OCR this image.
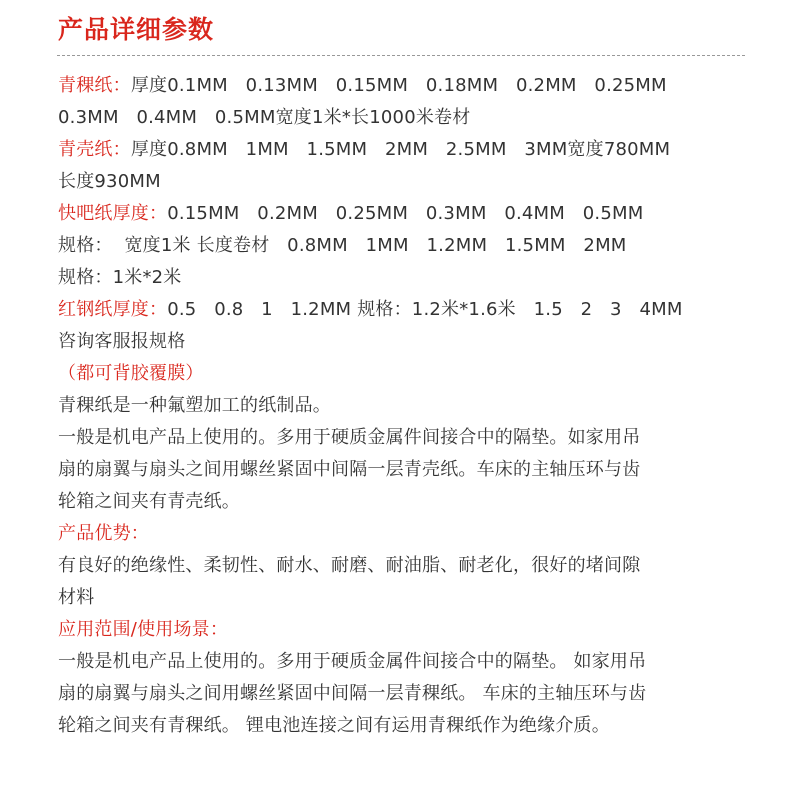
产品详细参数
青稞纸：厚度0.1MM   0.13MM   0.15MM   0.18MM   0.2MM   0.25MM
0.3MM   0.4MM   0.5MM宽度1米*长1000米卷材
青壳纸：厚度0.8MM   1MM   1.5MM   2MM   2.5MM   3MM宽度780MM
长度930MM
快吧纸厚度：0.15MM   0.2MM   0.25MM   0.3MM   0.4MM   0.5MM
规格：  宽度1米 长度卷材   0.8MM   1MM   1.2MM   1.5MM   2MM
规格：1米*2米
红钢纸厚度：0.5   0.8   1   1.2MM 规格：1.2米*1.6米   1.5   2   3   4MM
咨询客服报规格
（都可背胶覆膜）
青稞纸是一种氟塑加工的纸制品。
一般是机电产品上使用的。多用于硬质金属件间接合中的隔垫。如家用吊
扇的扇翼与扇头之间用螺丝紧固中间隔一层青壳纸。车床的主轴压环与齿
轮箱之间夹有青壳纸。
产品优势：
有良好的绝缘性、柔韧性、耐水、耐磨、耐油脂、耐老化，很好的堵间隙
材料
应用范围/使用场景：
一般是机电产品上使用的。多用于硬质金属件间接合中的隔垫。 如家用吊
扇的扇翼与扇头之间用螺丝紧固中间隔一层青稞纸。 车床的主轴压环与齿
轮箱之间夹有青稞纸。 锂电池连接之间有运用青稞纸作为绝缘介质。
